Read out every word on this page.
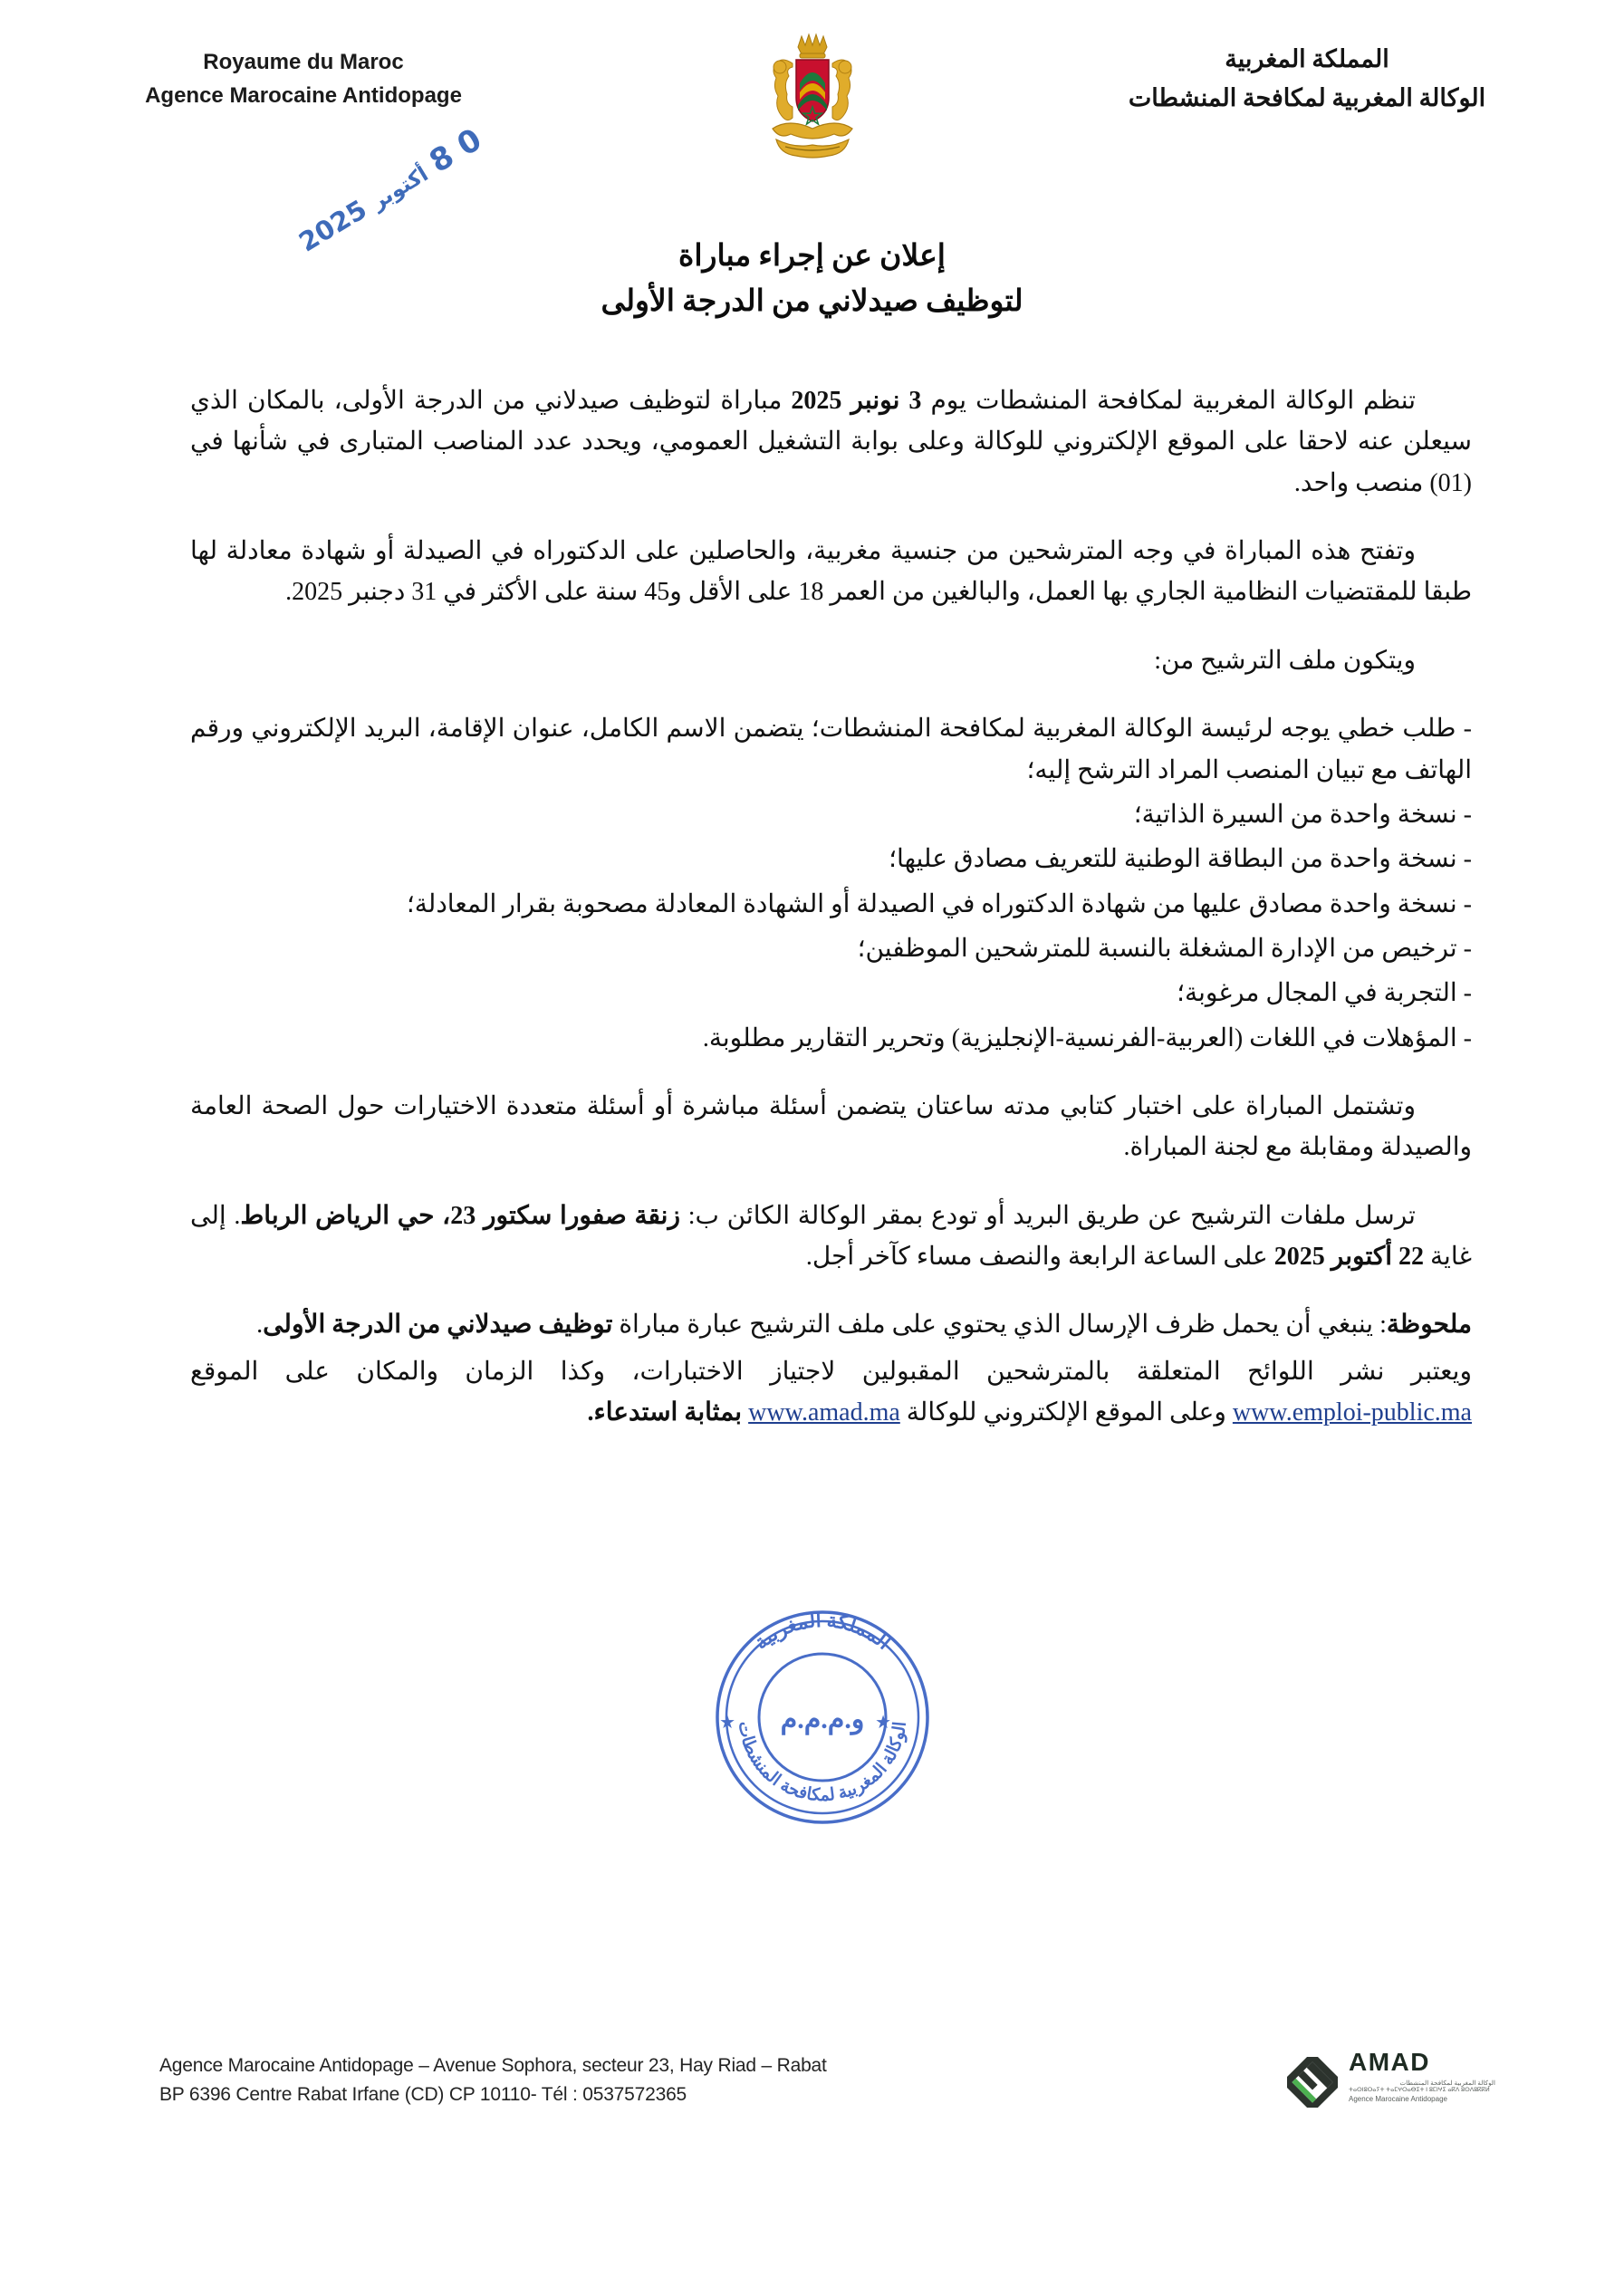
Royaume du Maroc
Agence Marocaine Antidopage
المملكة المغربية
الوكالة المغربية لمكافحة المنشطات
0 8 أكتوبر 2025	إعلان عن إجراء مباراة
لتوظيف صيدلاني من الدرجة الأولى

تنظم الوكالة المغربية لمكافحة المنشطات يوم 3 نونبر 2025 مباراة لتوظيف صيدلاني من الدرجة الأولى، بالمكان الذي سيعلن عنه لاحقا على الموقع الإلكتروني للوكالة وعلى بوابة التشغيل العمومي، ويحدد عدد المناصب المتبارى في شأنها في (01) منصب واحد.

وتفتح هذه المباراة في وجه المترشحين من جنسية مغربية، والحاصلين على الدكتوراه في الصيدلة أو شهادة معادلة لها طبقا للمقتضيات النظامية الجاري بها العمل، والبالغين من العمر 18 على الأقل و45 سنة على الأكثر في 31 دجنبر 2025.

ويتكون ملف الترشيح من:

- طلب خطي يوجه لرئيسة الوكالة المغربية لمكافحة المنشطات؛ يتضمن الاسم الكامل، عنوان الإقامة، البريد الإلكتروني ورقم الهاتف مع تبيان المنصب المراد الترشح إليه؛

- نسخة واحدة من السيرة الذاتية؛

- نسخة واحدة من البطاقة الوطنية للتعريف مصادق عليها؛

- نسخة واحدة مصادق عليها من شهادة الدكتوراه في الصيدلة أو الشهادة المعادلة مصحوبة بقرار المعادلة؛

- ترخيص من الإدارة المشغلة بالنسبة للمترشحين الموظفين؛

- التجربة في المجال مرغوبة؛

- المؤهلات في اللغات (العربية-الفرنسية-الإنجليزية) وتحرير التقارير مطلوبة.

وتشتمل المباراة على اختبار كتابي مدته ساعتان يتضمن أسئلة مباشرة أو أسئلة متعددة الاختيارات حول الصحة العامة والصيدلة ومقابلة مع لجنة المباراة.

ترسل ملفات الترشيح عن طريق البريد أو تودع بمقر الوكالة الكائن ب: زنقة صفورا سكتور 23، حي الرياض الرباط. إلى غاية 22 أكتوبر 2025 على الساعة الرابعة والنصف مساء كآخر أجل.

ملحوظة: ينبغي أن يحمل ظرف الإرسال الذي يحتوي على ملف الترشيح عبارة مباراة توظيف صيدلاني من الدرجة الأولى.

ويعتبر نشر اللوائح المتعلقة بالمترشحين المقبولين لاجتياز الاختبارات، وكذا الزمان والمكان على الموقع www.emploi-public.ma وعلى الموقع الإلكتروني للوكالة www.amad.ma بمثابة استدعاء.

المملكة المغربية
الوكالة المغربية لمكافحة المنشطات
★	★
و.م.م.م
Agence Marocaine Antidopage – Avenue Sophora, secteur 23, Hay Riad – Rabat
BP 6396 Centre Rabat Irfane (CD) CP 10110- Tél : 0537572365
AMAD
الوكالة المغربية لمكافحة المنشطات
ⵜⴰⵙⵏⵓⵔⴰⵢⵜ ⵜⴰⵎⵖⵔⴰⴱⵉⵜ ⵏ ⵓⵎⵏⵖⵉ ⴰⴽⴷ ⵓⵙⴷⵓⴽⴽⵍ
Agence Marocaine Antidopage
